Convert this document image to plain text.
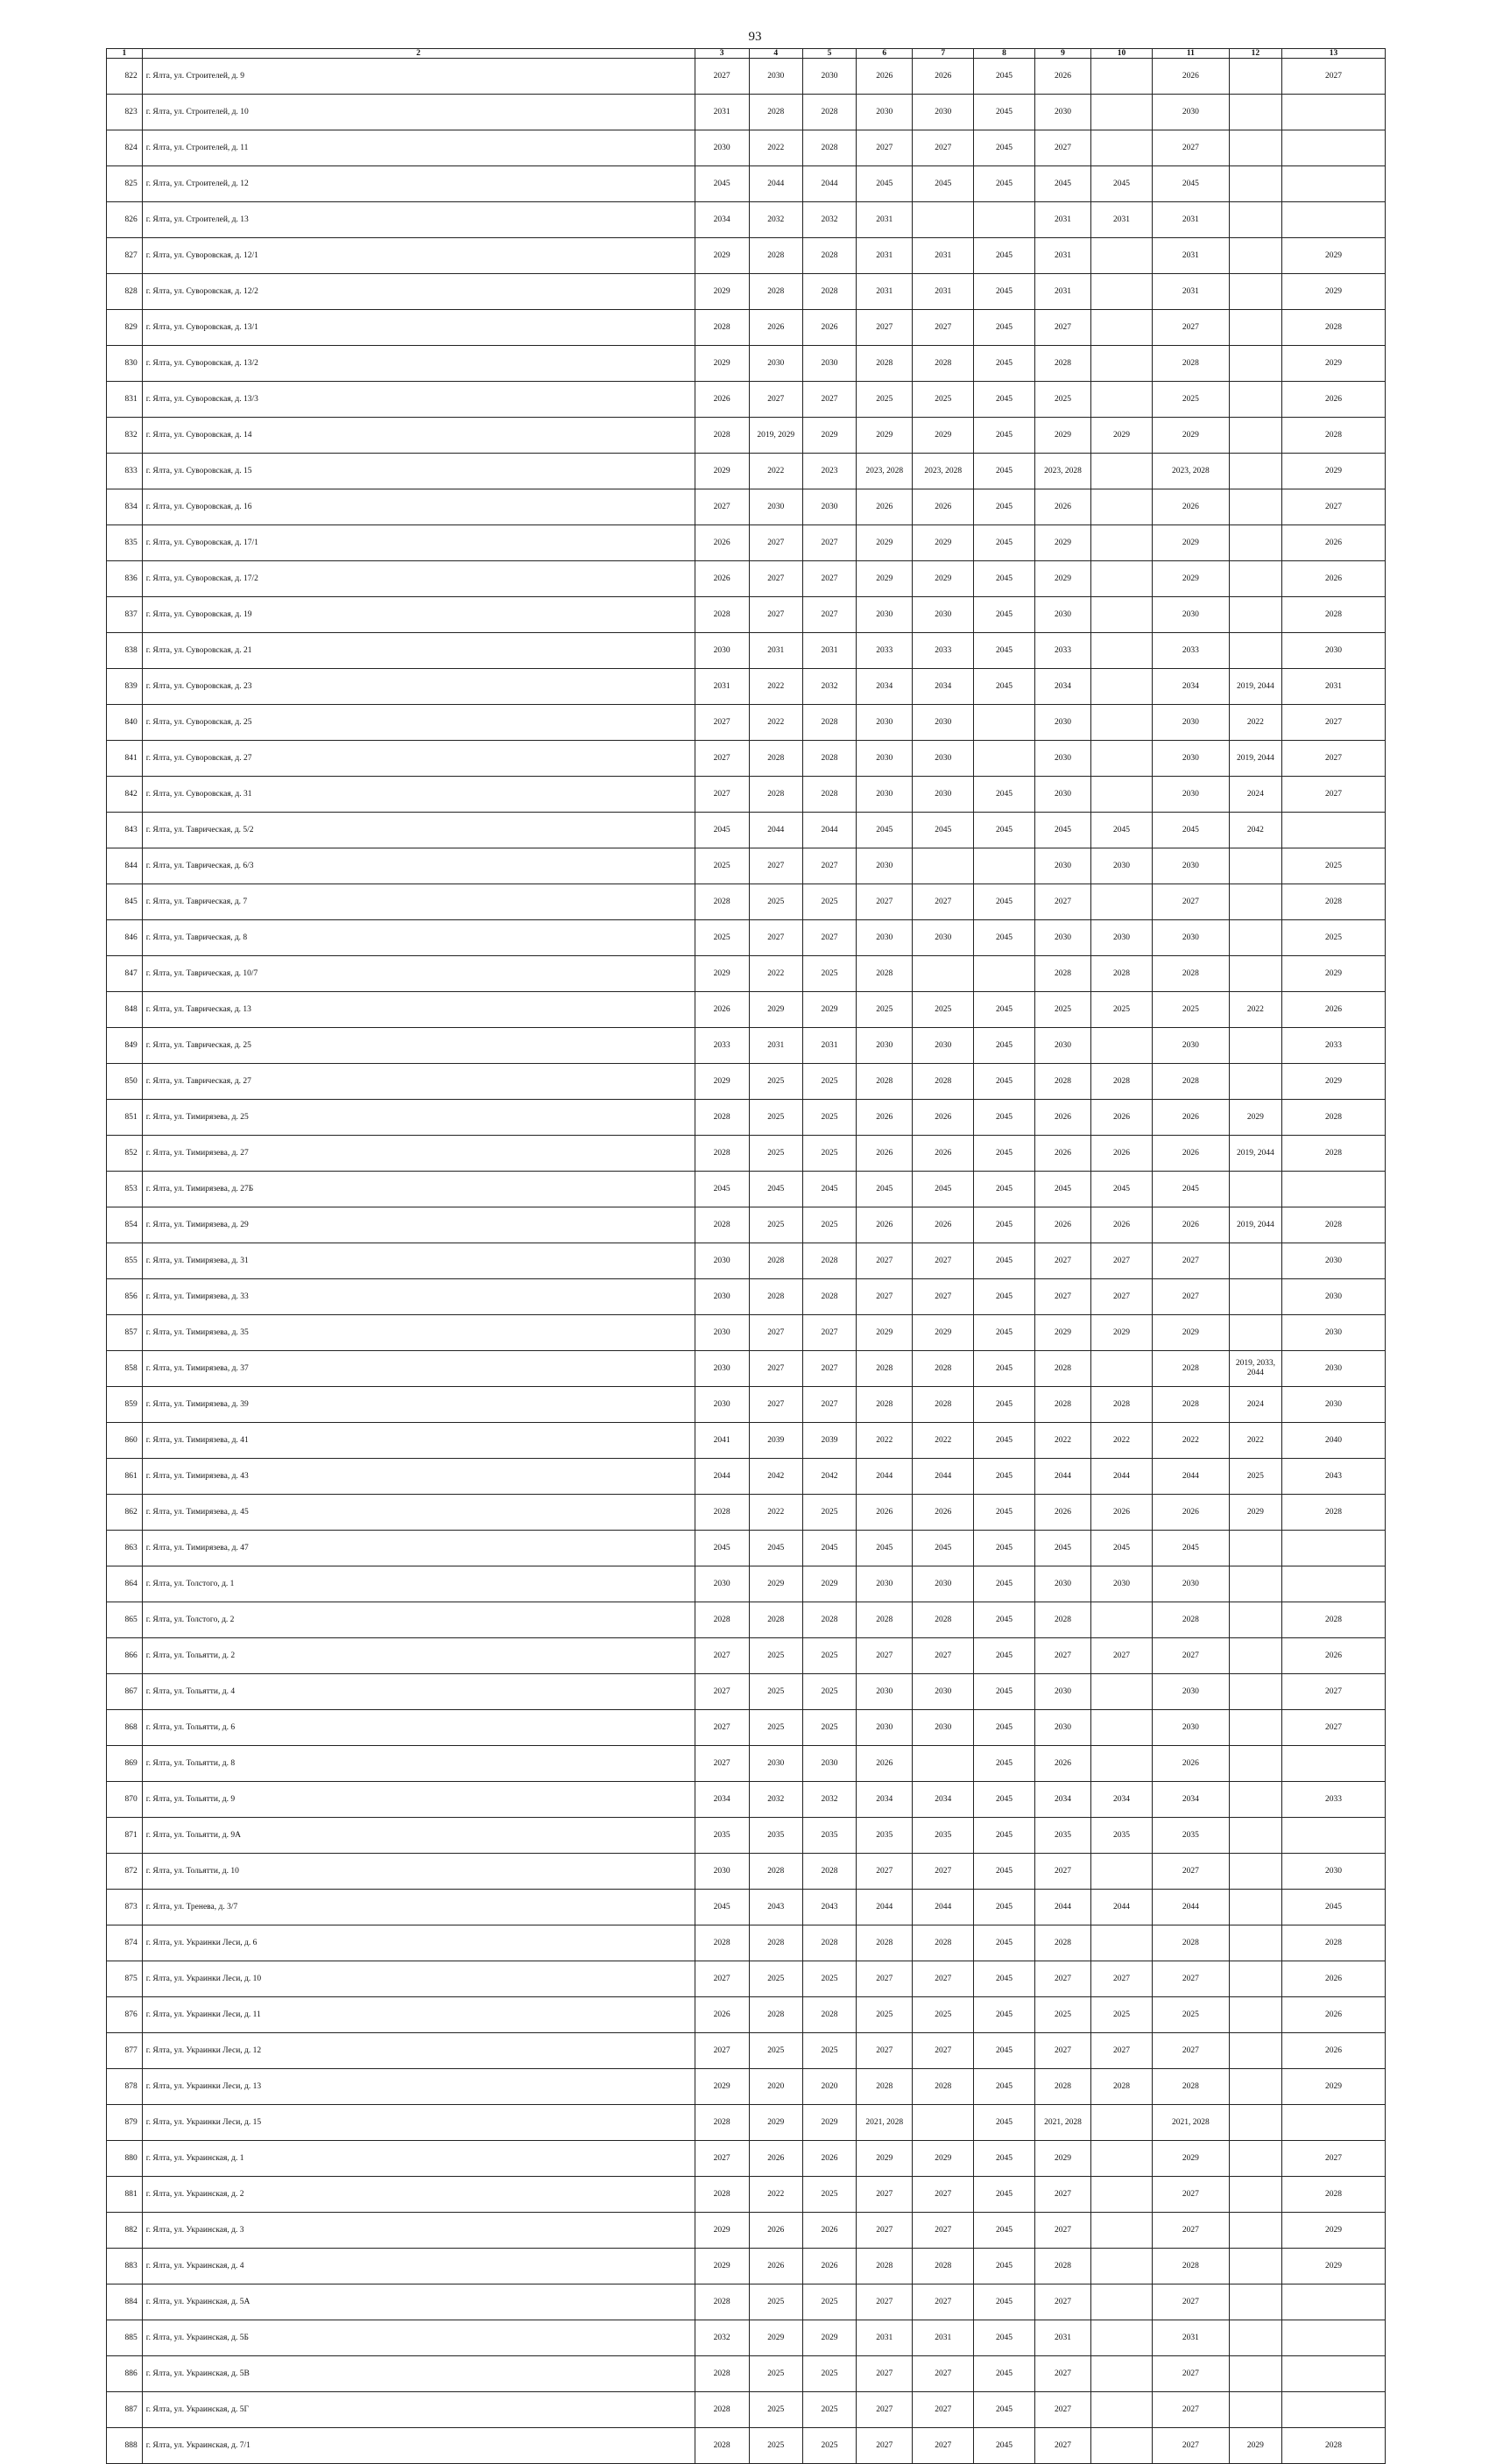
93
1	2	3	4	5	6	7	8	9	10	11	12	13
822	г. Ялта, ул. Строителей, д. 9	2027	2030	2030	2026	2026	2045	2026		2026		2027
823	г. Ялта, ул. Строителей, д. 10	2031	2028	2028	2030	2030	2045	2030		2030		
824	г. Ялта, ул. Строителей, д. 11	2030	2022	2028	2027	2027	2045	2027		2027		
825	г. Ялта, ул. Строителей, д. 12	2045	2044	2044	2045	2045	2045	2045	2045	2045		
826	г. Ялта, ул. Строителей, д. 13	2034	2032	2032	2031			2031	2031	2031		
827	г. Ялта, ул. Суворовская, д. 12/1	2029	2028	2028	2031	2031	2045	2031		2031		2029
828	г. Ялта, ул. Суворовская, д. 12/2	2029	2028	2028	2031	2031	2045	2031		2031		2029
829	г. Ялта, ул. Суворовская, д. 13/1	2028	2026	2026	2027	2027	2045	2027		2027		2028
830	г. Ялта, ул. Суворовская, д. 13/2	2029	2030	2030	2028	2028	2045	2028		2028		2029
831	г. Ялта, ул. Суворовская, д. 13/3	2026	2027	2027	2025	2025	2045	2025		2025		2026
832	г. Ялта, ул. Суворовская, д. 14	2028	2019, 2029	2029	2029	2029	2045	2029	2029	2029		2028
833	г. Ялта, ул. Суворовская, д. 15	2029	2022	2023	2023, 2028	2023, 2028	2045	2023, 2028		2023, 2028		2029
834	г. Ялта, ул. Суворовская, д. 16	2027	2030	2030	2026	2026	2045	2026		2026		2027
835	г. Ялта, ул. Суворовская, д. 17/1	2026	2027	2027	2029	2029	2045	2029		2029		2026
836	г. Ялта, ул. Суворовская, д. 17/2	2026	2027	2027	2029	2029	2045	2029		2029		2026
837	г. Ялта, ул. Суворовская, д. 19	2028	2027	2027	2030	2030	2045	2030		2030		2028
838	г. Ялта, ул. Суворовская, д. 21	2030	2031	2031	2033	2033	2045	2033		2033		2030
839	г. Ялта, ул. Суворовская, д. 23	2031	2022	2032	2034	2034	2045	2034		2034	2019, 2044	2031
840	г. Ялта, ул. Суворовская, д. 25	2027	2022	2028	2030	2030		2030		2030	2022	2027
841	г. Ялта, ул. Суворовская, д. 27	2027	2028	2028	2030	2030		2030		2030	2019, 2044	2027
842	г. Ялта, ул. Суворовская, д. 31	2027	2028	2028	2030	2030	2045	2030		2030	2024	2027
843	г. Ялта, ул. Таврическая, д. 5/2	2045	2044	2044	2045	2045	2045	2045	2045	2045	2042	
844	г. Ялта, ул. Таврическая, д. 6/3	2025	2027	2027	2030			2030	2030	2030		2025
845	г. Ялта, ул. Таврическая, д. 7	2028	2025	2025	2027	2027	2045	2027		2027		2028
846	г. Ялта, ул. Таврическая, д. 8	2025	2027	2027	2030	2030	2045	2030	2030	2030		2025
847	г. Ялта, ул. Таврическая, д. 10/7	2029	2022	2025	2028			2028	2028	2028		2029
848	г. Ялта, ул. Таврическая, д. 13	2026	2029	2029	2025	2025	2045	2025	2025	2025	2022	2026
849	г. Ялта, ул. Таврическая, д. 25	2033	2031	2031	2030	2030	2045	2030		2030		2033
850	г. Ялта, ул. Таврическая, д. 27	2029	2025	2025	2028	2028	2045	2028	2028	2028		2029
851	г. Ялта, ул. Тимирязева, д. 25	2028	2025	2025	2026	2026	2045	2026	2026	2026	2029	2028
852	г. Ялта, ул. Тимирязева, д. 27	2028	2025	2025	2026	2026	2045	2026	2026	2026	2019, 2044	2028
853	г. Ялта, ул. Тимирязева, д. 27Б	2045	2045	2045	2045	2045	2045	2045	2045	2045		
854	г. Ялта, ул. Тимирязева, д. 29	2028	2025	2025	2026	2026	2045	2026	2026	2026	2019, 2044	2028
855	г. Ялта, ул. Тимирязева, д. 31	2030	2028	2028	2027	2027	2045	2027	2027	2027		2030
856	г. Ялта, ул. Тимирязева, д. 33	2030	2028	2028	2027	2027	2045	2027	2027	2027		2030
857	г. Ялта, ул. Тимирязева, д. 35	2030	2027	2027	2029	2029	2045	2029	2029	2029		2030
858	г. Ялта, ул. Тимирязева, д. 37	2030	2027	2027	2028	2028	2045	2028		2028	2019, 2033, 2044	2030
859	г. Ялта, ул. Тимирязева, д. 39	2030	2027	2027	2028	2028	2045	2028	2028	2028	2024	2030
860	г. Ялта, ул. Тимирязева, д. 41	2041	2039	2039	2022	2022	2045	2022	2022	2022	2022	2040
861	г. Ялта, ул. Тимирязева, д. 43	2044	2042	2042	2044	2044	2045	2044	2044	2044	2025	2043
862	г. Ялта, ул. Тимирязева, д. 45	2028	2022	2025	2026	2026	2045	2026	2026	2026	2029	2028
863	г. Ялта, ул. Тимирязева, д. 47	2045	2045	2045	2045	2045	2045	2045	2045	2045		
864	г. Ялта, ул. Толстого, д. 1	2030	2029	2029	2030	2030	2045	2030	2030	2030		
865	г. Ялта, ул. Толстого, д. 2	2028	2028	2028	2028	2028	2045	2028		2028		2028
866	г. Ялта, ул. Тольятти, д. 2	2027	2025	2025	2027	2027	2045	2027	2027	2027		2026
867	г. Ялта, ул. Тольятти, д. 4	2027	2025	2025	2030	2030	2045	2030		2030		2027
868	г. Ялта, ул. Тольятти, д. 6	2027	2025	2025	2030	2030	2045	2030		2030		2027
869	г. Ялта, ул. Тольятти, д. 8	2027	2030	2030	2026		2045	2026		2026		
870	г. Ялта, ул. Тольятти, д. 9	2034	2032	2032	2034	2034	2045	2034	2034	2034		2033
871	г. Ялта, ул. Тольятти, д. 9А	2035	2035	2035	2035	2035	2045	2035	2035	2035		
872	г. Ялта, ул. Тольятти, д. 10	2030	2028	2028	2027	2027	2045	2027		2027		2030
873	г. Ялта, ул. Тренева, д. 3/7	2045	2043	2043	2044	2044	2045	2044	2044	2044		2045
874	г. Ялта, ул. Украинки Леси, д. 6	2028	2028	2028	2028	2028	2045	2028		2028		2028
875	г. Ялта, ул. Украинки Леси, д. 10	2027	2025	2025	2027	2027	2045	2027	2027	2027		2026
876	г. Ялта, ул. Украинки Леси, д. 11	2026	2028	2028	2025	2025	2045	2025	2025	2025		2026
877	г. Ялта, ул. Украинки Леси, д. 12	2027	2025	2025	2027	2027	2045	2027	2027	2027		2026
878	г. Ялта, ул. Украинки Леси, д. 13	2029	2020	2020	2028	2028	2045	2028	2028	2028		2029
879	г. Ялта, ул. Украинки Леси, д. 15	2028	2029	2029	2021, 2028		2045	2021, 2028		2021, 2028		
880	г. Ялта, ул. Украинская, д. 1	2027	2026	2026	2029	2029	2045	2029		2029		2027
881	г. Ялта, ул. Украинская, д. 2	2028	2022	2025	2027	2027	2045	2027		2027		2028
882	г. Ялта, ул. Украинская, д. 3	2029	2026	2026	2027	2027	2045	2027		2027		2029
883	г. Ялта, ул. Украинская, д. 4	2029	2026	2026	2028	2028	2045	2028		2028		2029
884	г. Ялта, ул. Украинская, д. 5А	2028	2025	2025	2027	2027	2045	2027		2027		
885	г. Ялта, ул. Украинская, д. 5Б	2032	2029	2029	2031	2031	2045	2031		2031		
886	г. Ялта, ул. Украинская, д. 5В	2028	2025	2025	2027	2027	2045	2027		2027		
887	г. Ялта, ул. Украинская, д. 5Г	2028	2025	2025	2027	2027	2045	2027		2027		
888	г. Ялта, ул. Украинская, д. 7/1	2028	2025	2025	2027	2027	2045	2027		2027	2029	2028
